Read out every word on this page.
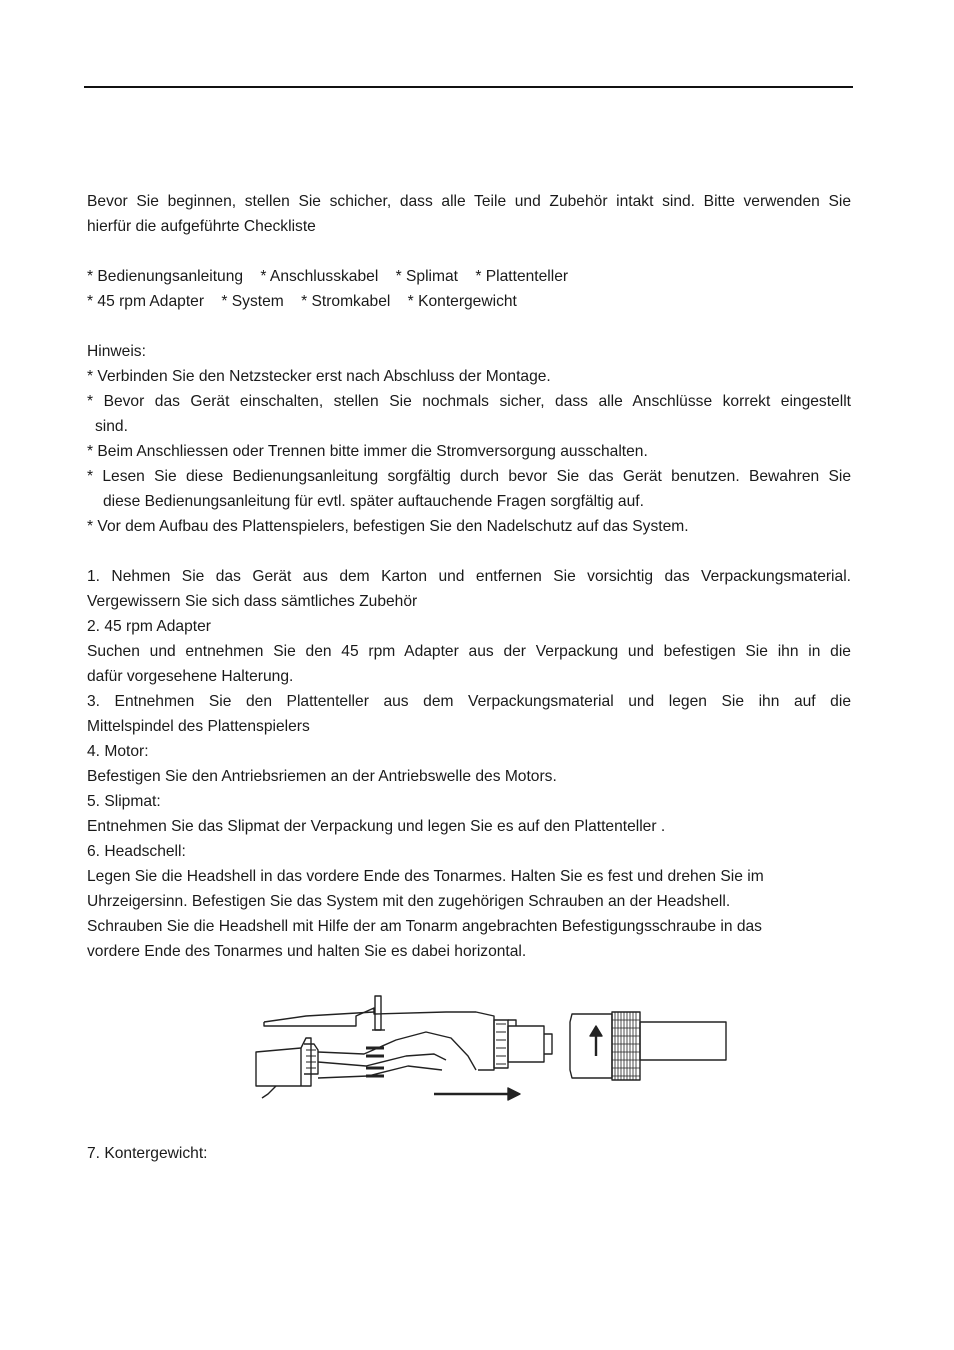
Bevor Sie beginnen, stellen Sie schicher, dass alle Teile und Zubehör intakt sind. Bitte verwenden Sie
hierfür die aufgeführte Checkliste
* Bedienungsanleitung    * Anschlusskabel    * Splimat    * Plattenteller
* 45 rpm Adapter    * System    * Stromkabel    * Kontergewicht
Hinweis:
* Verbinden Sie den Netzstecker erst nach Abschluss der Montage.
* Bevor das Gerät einschalten, stellen Sie nochmals sicher, dass alle Anschlüsse korrekt eingestellt
sind.
* Beim Anschliessen oder Trennen bitte immer die Stromversorgung ausschalten.
* Lesen Sie diese Bedienungsanleitung sorgfältig durch bevor Sie das Gerät benutzen. Bewahren Sie
diese Bedienungsanleitung für evtl. später auftauchende Fragen sorgfältig auf.
* Vor dem Aufbau des Plattenspielers, befestigen Sie den Nadelschutz auf das System.
1. Nehmen Sie das Gerät aus dem Karton und entfernen Sie vorsichtig das Verpackungsmaterial.
Vergewissern Sie sich dass sämtliches Zubehör
2. 45 rpm Adapter
Suchen und entnehmen Sie den 45 rpm Adapter aus der Verpackung und befestigen Sie ihn in die
dafür vorgesehene Halterung.
3. Entnehmen Sie den Plattenteller aus dem Verpackungsmaterial und legen Sie ihn auf die
Mittelspindel des Plattenspielers
4. Motor:
Befestigen Sie den Antriebsriemen an der Antriebswelle des Motors.
5. Slipmat:
Entnehmen Sie das Slipmat der Verpackung und legen Sie es auf den Plattenteller .
6. Headschell:
Legen Sie die Headshell in das vordere Ende des Tonarmes. Halten Sie es fest und drehen Sie im
Uhrzeigersinn. Befestigen Sie das System mit den zugehörigen Schrauben an der Headshell.
Schrauben Sie die Headshell mit Hilfe der am Tonarm angebrachten Befestigungsschraube in das
vordere Ende des Tonarmes und halten Sie es dabei horizontal.
7. Kontergewicht:
